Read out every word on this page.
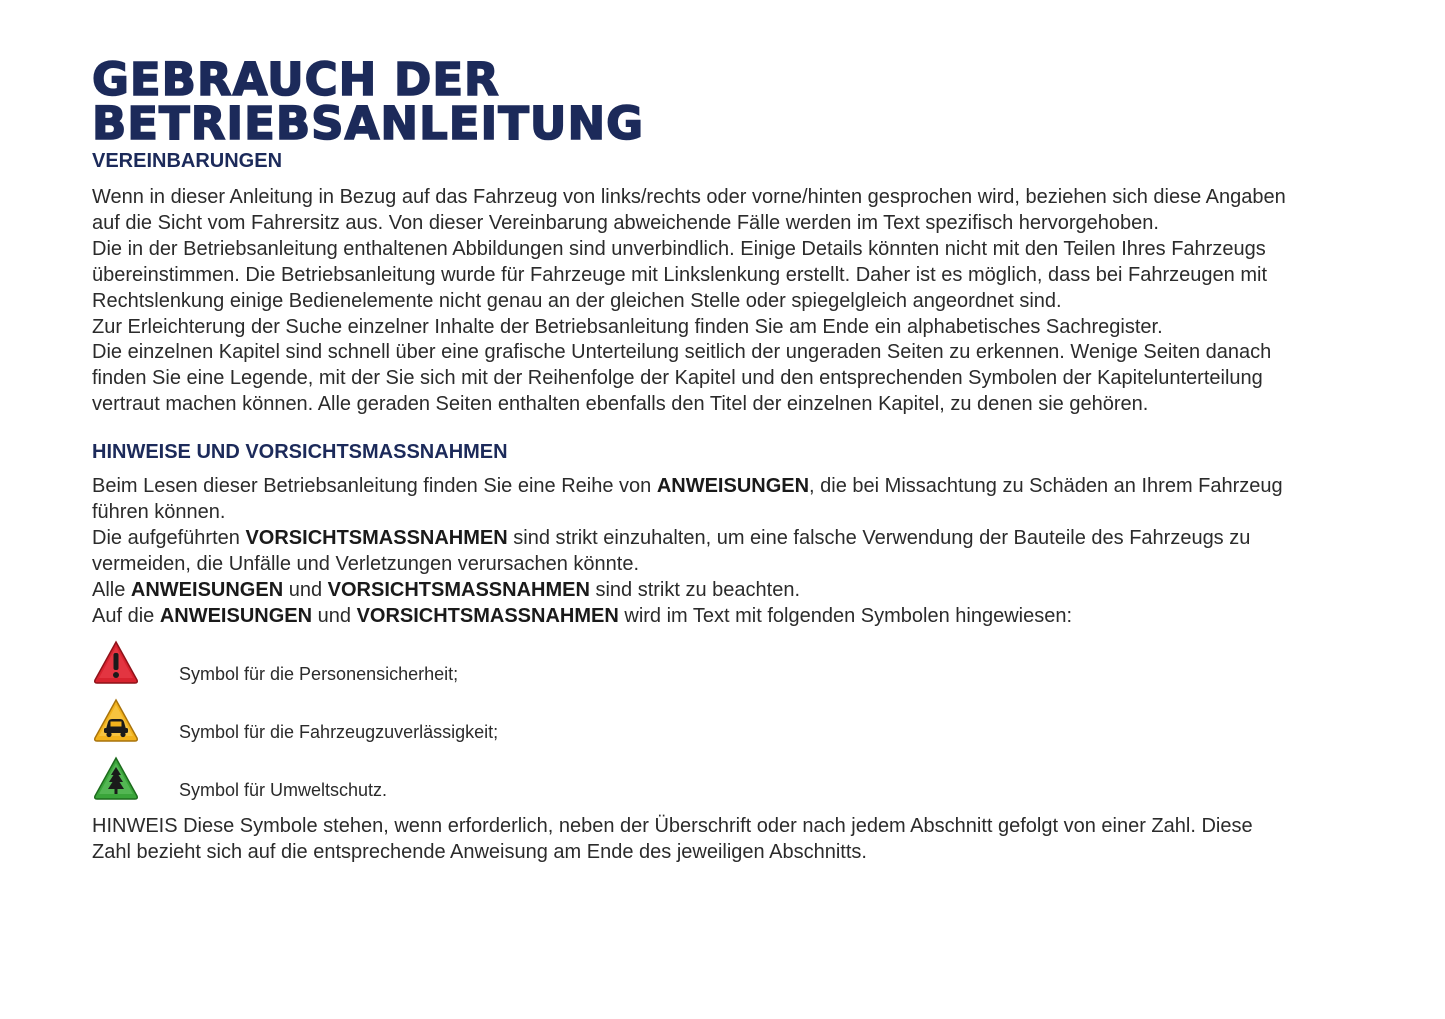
GEBRAUCH DER
BETRIEBSANLEITUNG
VEREINBARUNGEN

Wenn in dieser Anleitung in Bezug auf das Fahrzeug von links/rechts oder vorne/hinten gesprochen wird, beziehen sich diese Angaben auf die Sicht vom Fahrersitz aus. Von dieser Vereinbarung abweichende Fälle werden im Text spezifisch hervorgehoben.

Die in der Betriebsanleitung enthaltenen Abbildungen sind unverbindlich. Einige Details könnten nicht mit den Teilen Ihres Fahrzeugs übereinstimmen. Die Betriebsanleitung wurde für Fahrzeuge mit Linkslenkung erstellt. Daher ist es möglich, dass bei Fahrzeugen mit Rechtslenkung einige Bedienelemente nicht genau an der gleichen Stelle oder spiegelgleich angeordnet sind.

Zur Erleichterung der Suche einzelner Inhalte der Betriebsanleitung finden Sie am Ende ein alphabetisches Sachregister.

Die einzelnen Kapitel sind schnell über eine grafische Unterteilung seitlich der ungeraden Seiten zu erkennen. Wenige Seiten danach finden Sie eine Legende, mit der Sie sich mit der Reihenfolge der Kapitel und den entsprechenden Symbolen der Kapitelunterteilung vertraut machen können. Alle geraden Seiten enthalten ebenfalls den Titel der einzelnen Kapitel, zu denen sie gehören.

HINWEISE UND VORSICHTSMASSNAHMEN

Beim Lesen dieser Betriebsanleitung finden Sie eine Reihe von ANWEISUNGEN, die bei Missachtung zu Schäden an Ihrem Fahrzeug führen können.

Die aufgeführten VORSICHTSMASSNAHMEN sind strikt einzuhalten, um eine falsche Verwendung der Bauteile des Fahrzeugs zu vermeiden, die Unfälle und Verletzungen verursachen könnte.

Alle ANWEISUNGEN und VORSICHTSMASSNAHMEN sind strikt zu beachten.

Auf die ANWEISUNGEN und VORSICHTSMASSNAHMEN wird im Text mit folgenden Symbolen hingewiesen:

Symbol für die Personensicherheit;
Symbol für die Fahrzeugzuverlässigkeit;
Symbol für Umweltschutz.
HINWEIS Diese Symbole stehen, wenn erforderlich, neben der Überschrift oder nach jedem Abschnitt gefolgt von einer Zahl. Diese Zahl bezieht sich auf die entsprechende Anweisung am Ende des jeweiligen Abschnitts.
